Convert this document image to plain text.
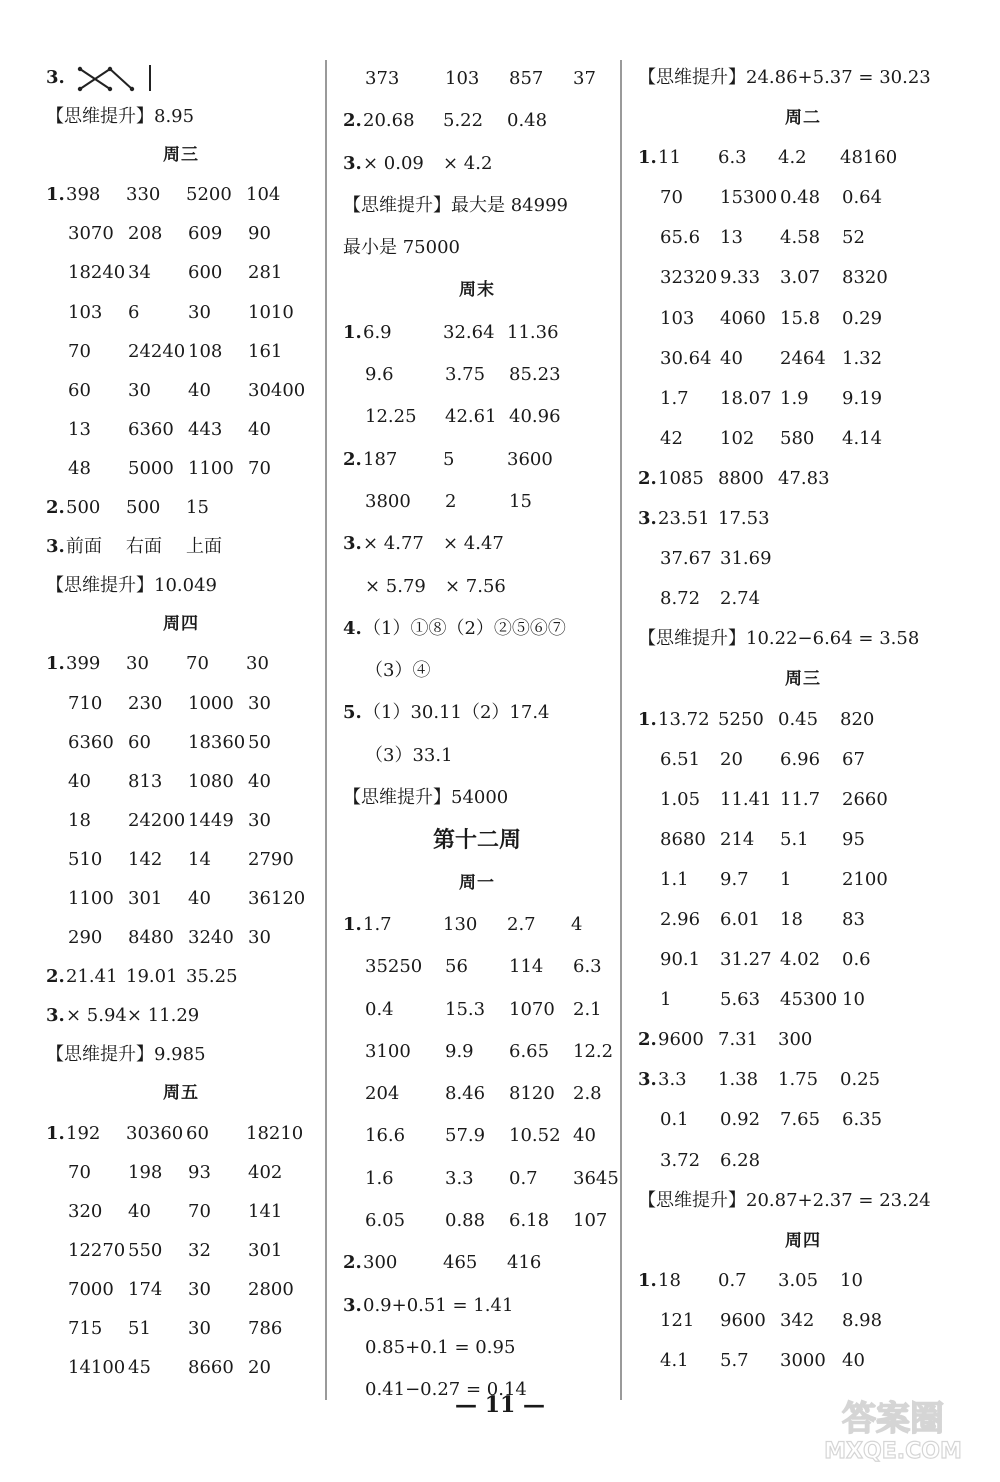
3.
【思维提升】8.95
周三
1.398 330 5200 104
3070 208 609 90
18240 34 600 281
103 6	30 1010
70 24240 108 161
60 30 40 30400
13 6360 443 40
48 5000 1100 70
2.500 500 15
3.前面 右面 上面
【思维提升】10.049
周四
1.399 30 70 30
710 230 1000 30
6360 60 18360 50
40 813 1080 40
18 24200 1449 30
510 142 14 2790
1100 301 40 36120
290 8480 3240 30
2.21.41 19.01 35.25
3.× 5.94× 11.29
【思维提升】9.985
周五
1.192 30360 60 18210
70 198 93 402
320 40 70 141
12270 550 32 301
7000 174 30 2800
715 51 30 786
14100 45 8660 20
373	103 857 37
2.20.68 5.22 0.48
3.× 0.09 × 4.2
【思维提升】最大是 84999
最小是 75000
周末
1.6.9	32.64 11.36
9.6	3.75 85.23
12.25 42.61 40.96
2.187	5	3600
3800 2	15
3.× 4.77 × 4.47
× 5.79 × 7.56
4.（1）①⑧（2）②⑤⑥⑦
（3）④
5.（1）30.11（2）17.4
（3）33.1
【思维提升】54000
第十二周
周一
1.1.7	130 2.7 4
35250 56 114 6.3
0.4	15.3 1070 2.1
3100 9.9 6.65 12.2
204	8.46 8120 2.8
16.6 57.9 10.52 40
1.6	3.3 0.7 3645
6.05 0.88 6.18 107
2.300	465 416
3.0.9+0.51 = 1.41
0.85+0.1 = 0.95
0.41−0.27 = 0.14
【思维提升】24.86+5.37 = 30.23
周二
1.11 6.3 4.2 48160
70 15300 0.48 0.64
65.6 13 4.58 52
32320 9.33 3.07 8320
103 4060 15.8 0.29
30.64 40 2464 1.32
1.7 18.07 1.9 9.19
42 102 580 4.14
2.1085 8800 47.83
3.23.51 17.53
37.67 31.69
8.72 2.74
【思维提升】10.22−6.64 = 3.58
周三
1.13.72 5250 0.45 820
6.51 20 6.96 67
1.05 11.41 11.7 2660
8680 214 5.1 95
1.1 9.7 1	2100
2.96 6.01 18 83
90.1 31.27 4.02 0.6
1	5.63 45300 10
2.9600 7.31 300
3.3.3 1.38 1.75 0.25
0.1 0.92 7.65 6.35
3.72 6.28
【思维提升】20.87+2.37 = 23.24
周四
1.18 0.7 3.05 10
121 9600 342 8.98
4.1 5.7 3000 40
— 11 —	答案圈
MXQE.COM
